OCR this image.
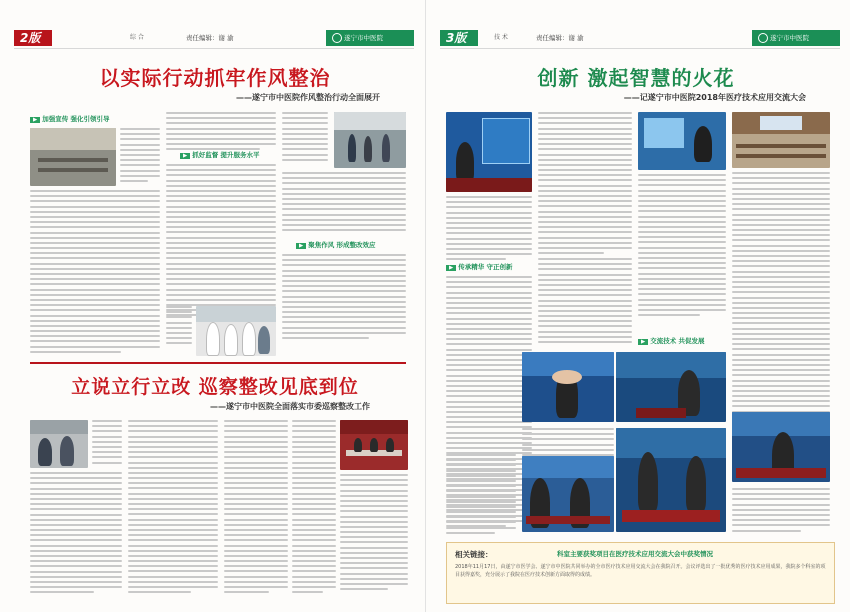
2版	综 合	责任编辑：谢 渝	遂宁市中医院
以实际行动抓牢作风整治
——遂宁市中医院作风整治行动全面展开
▶ 加强宣传 强化引领引导
▶ 抓好监督 提升服务水平
▶ 聚焦作风 形成整改效应
立说立行立改 巡察整改见底到位
——遂宁市中医院全面落实市委巡察整改工作
3版	技 术	责任编辑：谢 渝	遂宁市中医院
创新 激起智慧的火花
——记遂宁市中医院2018年医疗技术应用交流大会
▶ 传承精华 守正创新
▶ 交流技术 共促发展
相关链接：	科室主要获奖项目在医疗技术应用交流大会中获奖情况
2018年11月17日，由遂宁市医学会、遂宁市中医院共同举办的全市医疗技术应用交流大会在我院召开。会议评选出了一批优秀的医疗技术应用成果，我院多个科室的项目获得嘉奖，充分展示了我院在医疗技术创新方面取得的成绩。
